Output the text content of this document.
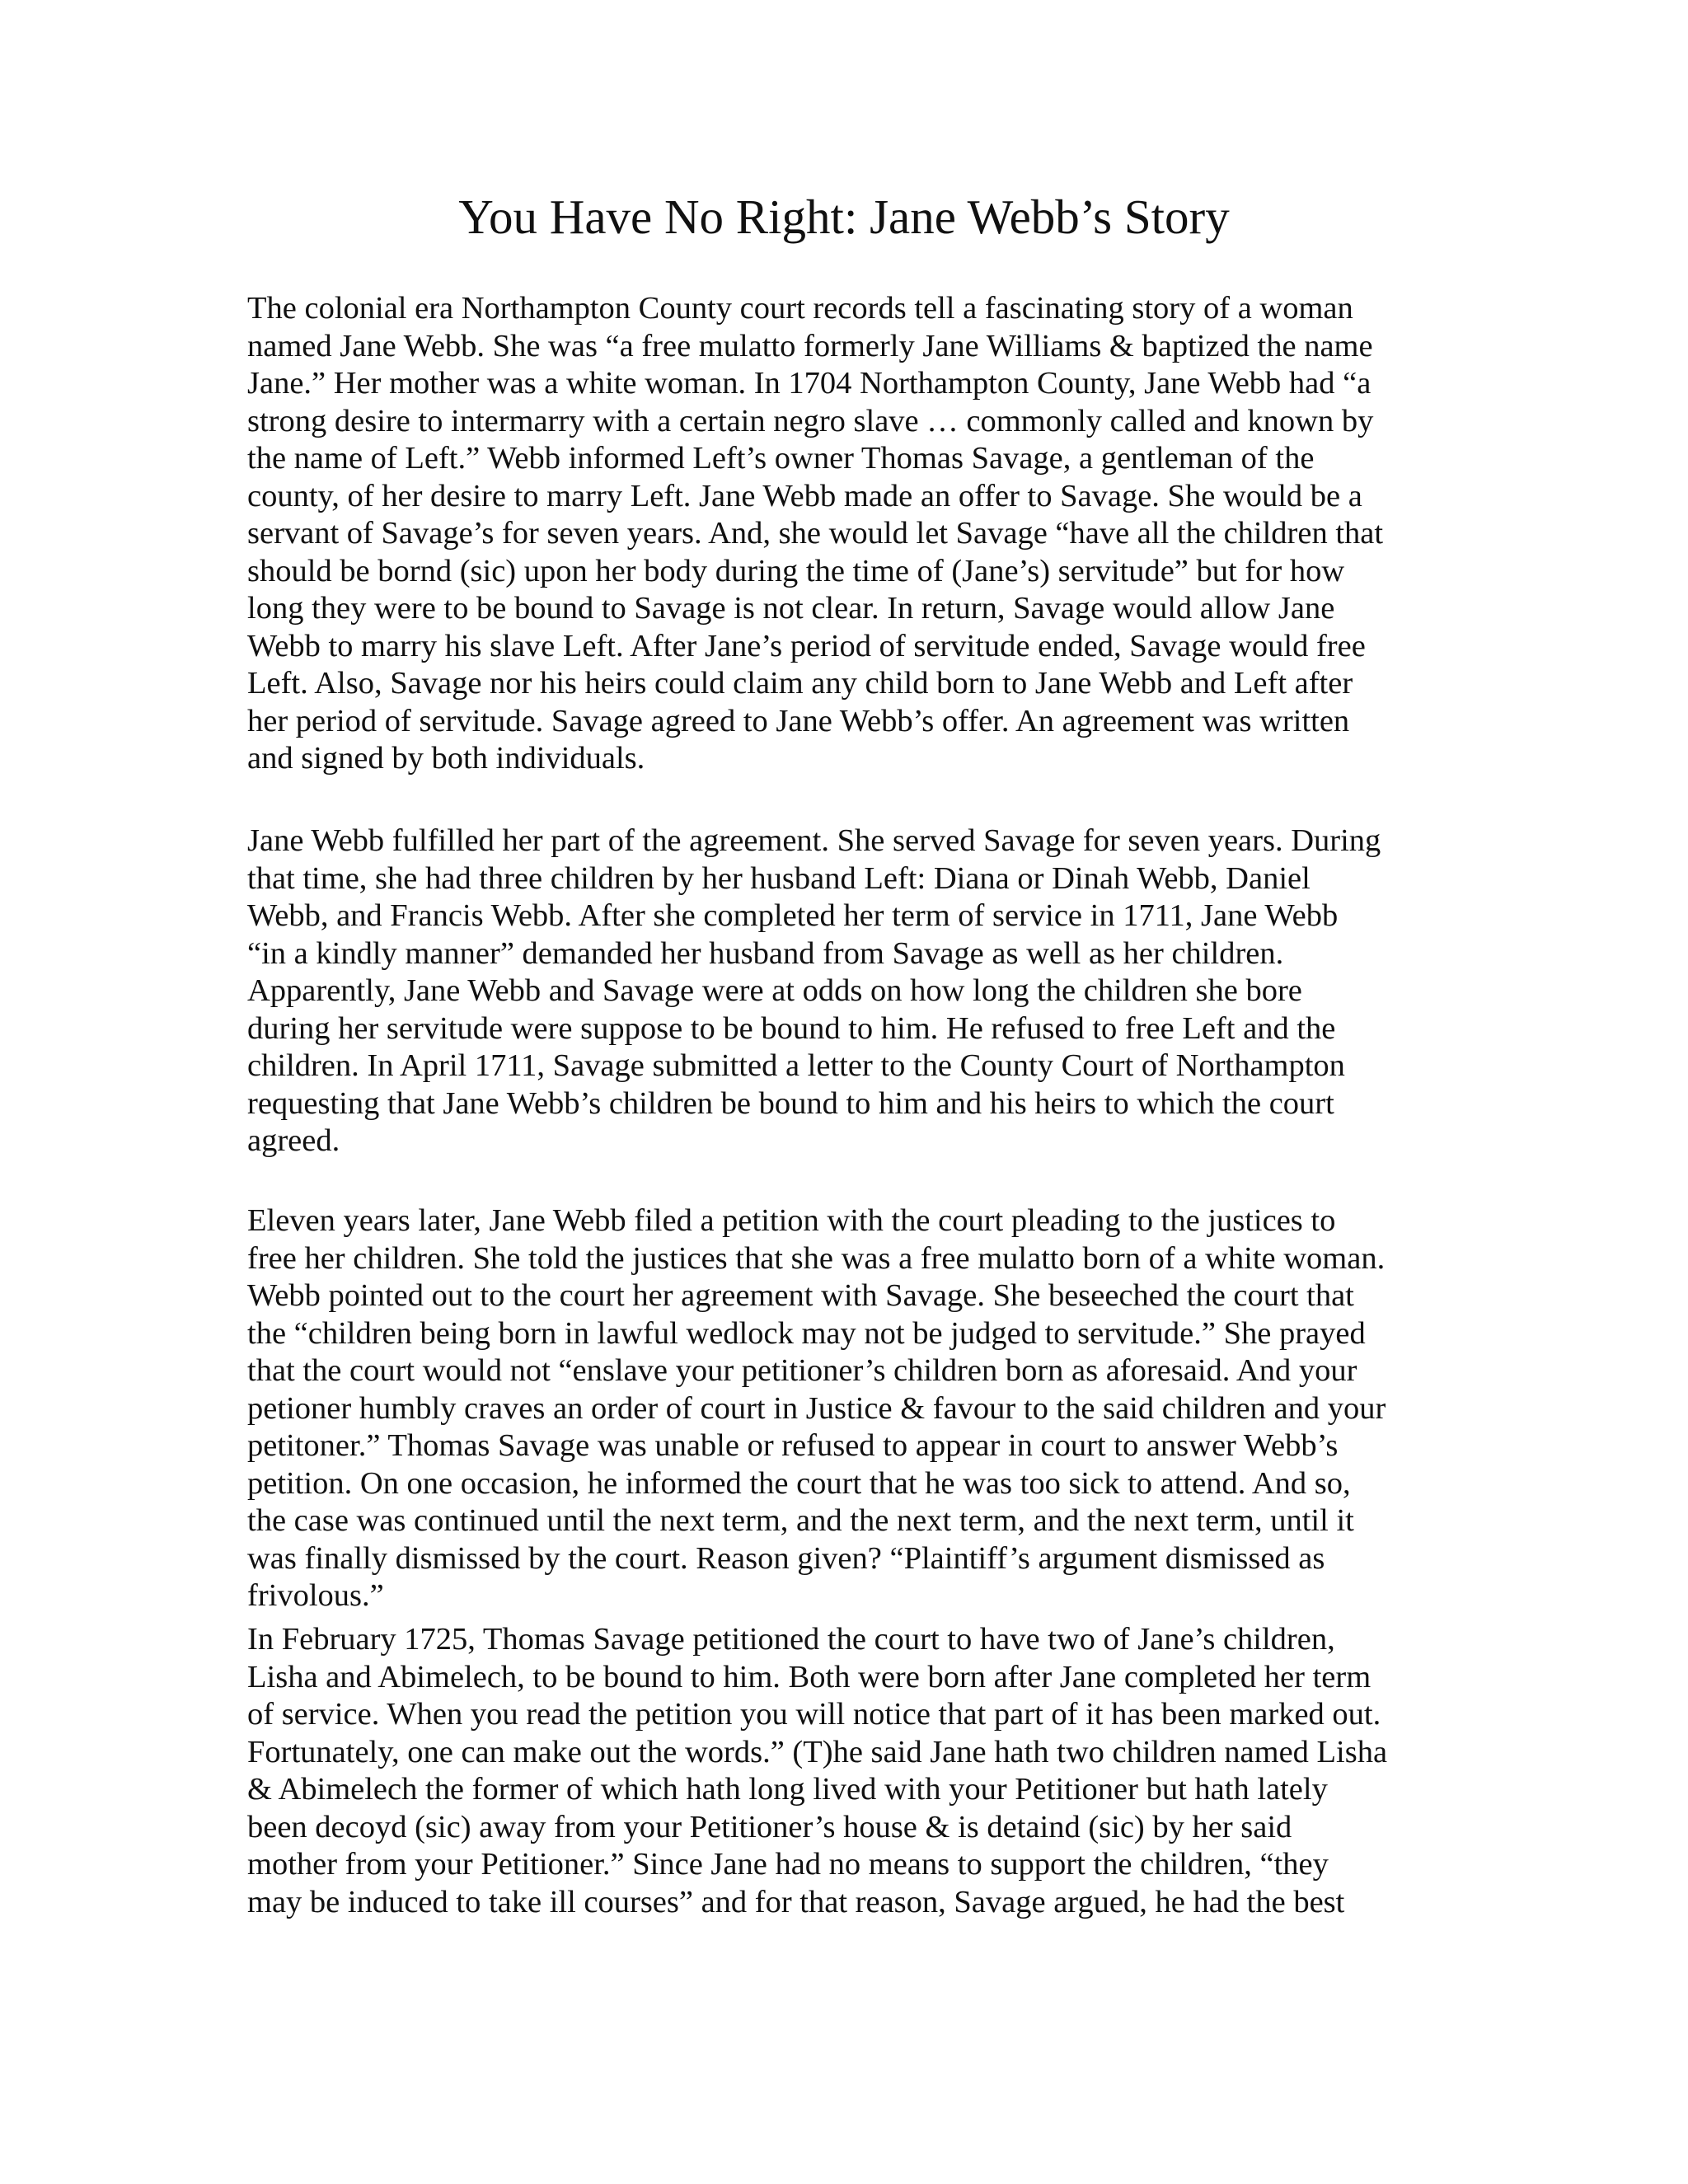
You Have No Right: Jane Webb’s Story
The colonial era Northampton County court records tell a fascinating story of a woman
named Jane Webb. She was “a free mulatto formerly Jane Williams & baptized the name
Jane.” Her mother was a white woman. In 1704 Northampton County, Jane Webb had “a
strong desire to intermarry with a certain negro slave … commonly called and known by
the name of Left.” Webb informed Left’s owner Thomas Savage, a gentleman of the
county, of her desire to marry Left. Jane Webb made an offer to Savage. She would be a
servant of Savage’s for seven years. And, she would let Savage “have all the children that
should be bornd (sic) upon her body during the time of (Jane’s) servitude” but for how
long they were to be bound to Savage is not clear. In return, Savage would allow Jane
Webb to marry his slave Left. After Jane’s period of servitude ended, Savage would free
Left. Also, Savage nor his heirs could claim any child born to Jane Webb and Left after
her period of servitude. Savage agreed to Jane Webb’s offer. An agreement was written
and signed by both individuals.
Jane Webb fulfilled her part of the agreement. She served Savage for seven years. During
that time, she had three children by her husband Left: Diana or Dinah Webb, Daniel
Webb, and Francis Webb. After she completed her term of service in 1711, Jane Webb
“in a kindly manner” demanded her husband from Savage as well as her children.
Apparently, Jane Webb and Savage were at odds on how long the children she bore
during her servitude were suppose to be bound to him. He refused to free Left and the
children. In April 1711, Savage submitted a letter to the County Court of Northampton
requesting that Jane Webb’s children be bound to him and his heirs to which the court
agreed.
Eleven years later, Jane Webb filed a petition with the court pleading to the justices to
free her children. She told the justices that she was a free mulatto born of a white woman.
Webb pointed out to the court her agreement with Savage. She beseeched the court that
the “children being born in lawful wedlock may not be judged to servitude.” She prayed
that the court would not “enslave your petitioner’s children born as aforesaid. And your
petioner humbly craves an order of court in Justice & favour to the said children and your
petitoner.” Thomas Savage was unable or refused to appear in court to answer Webb’s
petition. On one occasion, he informed the court that he was too sick to attend. And so,
the case was continued until the next term, and the next term, and the next term, until it
was finally dismissed by the court. Reason given? “Plaintiff’s argument dismissed as
frivolous.”
In February 1725, Thomas Savage petitioned the court to have two of Jane’s children,
Lisha and Abimelech, to be bound to him. Both were born after Jane completed her term
of service. When you read the petition you will notice that part of it has been marked out.
Fortunately, one can make out the words.” (T)he said Jane hath two children named Lisha
& Abimelech the former of which hath long lived with your Petitioner but hath lately
been decoyd (sic) away from your Petitioner’s house & is detaind (sic) by her said
mother from your Petitioner.” Since Jane had no means to support the children, “they
may be induced to take ill courses” and for that reason, Savage argued, he had the best
